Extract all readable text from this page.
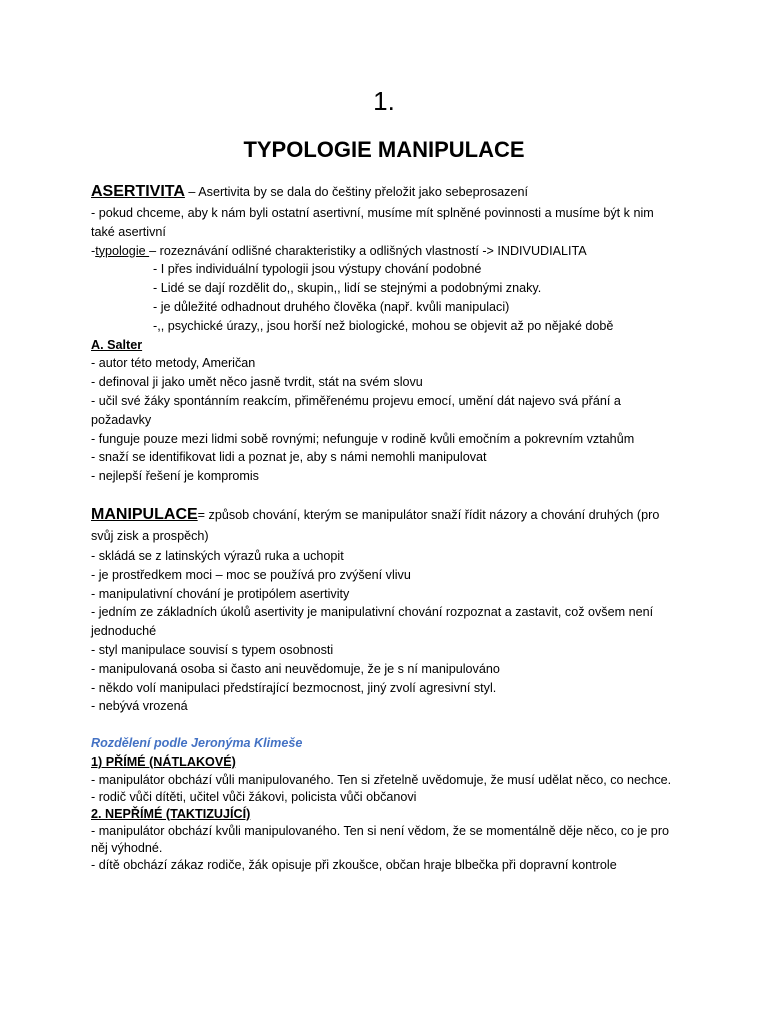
1.
TYPOLOGIE MANIPULACE
ASERTIVITA – Asertivita by se dala do češtiny přeložit jako sebeprosazení
- pokud chceme, aby k nám byli ostatní asertivní, musíme mít splněné povinnosti a musíme být k nim také asertivní
-typologie – rozeznávání odlišné charakteristiky a odlišných vlastností -> INDIVUDIALITA
- I přes individuální typologii jsou výstupy chování podobné
- Lidé se dají rozdělit do,, skupin,, lidí se stejnými a podobnými znaky.
- je důležité odhadnout druhého člověka (např. kvůli manipulaci)
-,, psychické úrazy,, jsou horší než biologické, mohou se objevit až po nějaké době
A. Salter
- autor této metody, Američan
- definoval ji jako umět něco jasně tvrdit, stát na svém slovu
- učil své žáky spontánním reakcím, přiměřenému projevu emocí, umění dát najevo svá přání a požadavky
- funguje pouze mezi lidmi sobě rovnými; nefunguje v rodině kvůli emočním a pokrevním vztahům
- snaží se identifikovat lidi a poznat je, aby s námi nemohli manipulovat
- nejlepší řešení je kompromis
MANIPULACE= způsob chování, kterým se manipulátor snaží řídit názory a chování druhých (pro svůj zisk a prospěch)
- skládá se z latinských výrazů ruka a uchopit
- je prostředkem moci – moc se používá pro zvýšení vlivu
- manipulativní chování je protipólem asertivity
- jedním ze základních úkolů asertivity je manipulativní chování rozpoznat a zastavit, což ovšem není jednoduché
- styl manipulace souvisí s typem osobnosti
- manipulovaná osoba si často ani neuvědomuje, že je s ní manipulováno
- někdo volí manipulaci předstírající bezmocnost, jiný zvolí agresivní styl.
- nebývá vrozená
Rozdělení podle Jeronýma Klimeše
1) PŘÍMÉ (NÁTLAKOVÉ)
- manipulátor obchází vůli manipulovaného. Ten si zřetelně uvědomuje, že musí udělat něco, co nechce.
- rodič vůči dítěti, učitel vůči žákovi, policista vůči občanovi
2. NEPŘÍMÉ (TAKTIZUJÍCÍ)
- manipulátor obchází kvůli manipulovaného. Ten si není vědom, že se momentálně děje něco, co je pro něj výhodné.
- dítě obchází zákaz rodiče, žák opisuje při zkoušce, občan hraje blbečka při dopravní kontrole
